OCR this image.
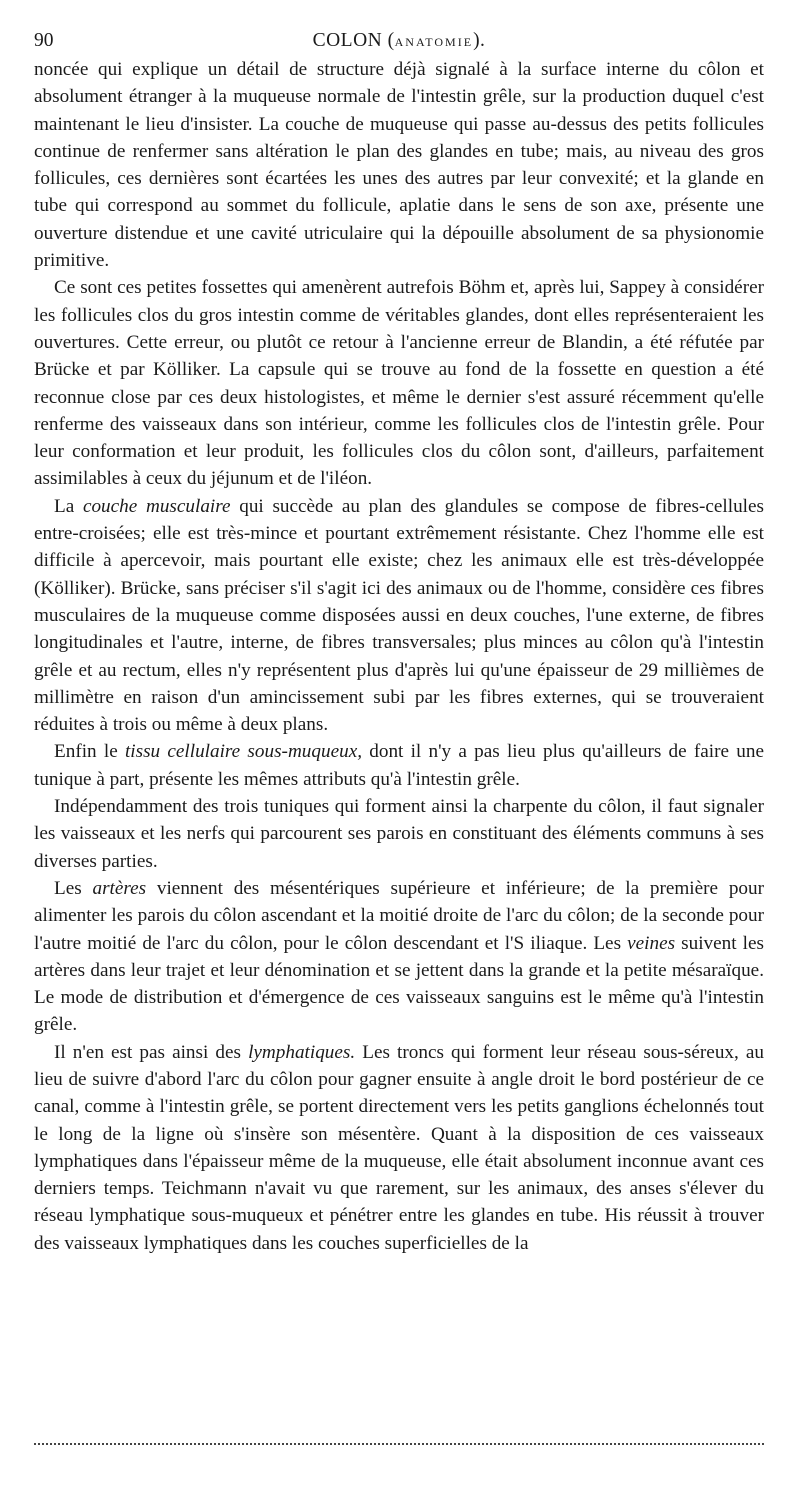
90	COLON (ANATOMIE).

noncée qui explique un détail de structure déjà signalé à la surface interne du côlon et absolument étranger à la muqueuse normale de l'intestin grêle, sur la production duquel c'est maintenant le lieu d'insister. La couche de muqueuse qui passe au-dessus des petits follicules continue de renfermer sans altération le plan des glandes en tube; mais, au niveau des gros follicules, ces dernières sont écartées les unes des autres par leur convexité; et la glande en tube qui correspond au sommet du follicule, aplatie dans le sens de son axe, présente une ouverture distendue et une cavité utriculaire qui la dépouille absolument de sa physionomie primitive.

Ce sont ces petites fossettes qui amenèrent autrefois Böhm et, après lui, Sappey à considérer les follicules clos du gros intestin comme de véritables glandes, dont elles représenteraient les ouvertures. Cette erreur, ou plutôt ce retour à l'ancienne erreur de Blandin, a été réfutée par Brücke et par Kölliker. La capsule qui se trouve au fond de la fossette en question a été reconnue close par ces deux histologistes, et même le dernier s'est assuré récemment qu'elle renferme des vaisseaux dans son intérieur, comme les follicules clos de l'intestin grêle. Pour leur conformation et leur produit, les follicules clos du côlon sont, d'ailleurs, parfaitement assimilables à ceux du jéjunum et de l'iléon.

La couche musculaire qui succède au plan des glandules se compose de fibres-cellules entre-croisées; elle est très-mince et pourtant extrêmement résistante. Chez l'homme elle est difficile à apercevoir, mais pourtant elle existe; chez les animaux elle est très-développée (Kölliker). Brücke, sans préciser s'il s'agit ici des animaux ou de l'homme, considère ces fibres musculaires de la muqueuse comme disposées aussi en deux couches, l'une externe, de fibres longitudinales et l'autre, interne, de fibres transversales; plus minces au côlon qu'à l'intestin grêle et au rectum, elles n'y représentent plus d'après lui qu'une épaisseur de 29 millièmes de millimètre en raison d'un amincissement subi par les fibres externes, qui se trouveraient réduites à trois ou même à deux plans.

Enfin le tissu cellulaire sous-muqueux, dont il n'y a pas lieu plus qu'ailleurs de faire une tunique à part, présente les mêmes attributs qu'à l'intestin grêle.

Indépendamment des trois tuniques qui forment ainsi la charpente du côlon, il faut signaler les vaisseaux et les nerfs qui parcourent ses parois en constituant des éléments communs à ses diverses parties.

Les artères viennent des mésentériques supérieure et inférieure; de la première pour alimenter les parois du côlon ascendant et la moitié droite de l'arc du côlon; de la seconde pour l'autre moitié de l'arc du côlon, pour le côlon descendant et l'S iliaque. Les veines suivent les artères dans leur trajet et leur dénomination et se jettent dans la grande et la petite mésaraïque. Le mode de distribution et d'émergence de ces vaisseaux sanguins est le même qu'à l'intestin grêle.

Il n'en est pas ainsi des lymphatiques. Les troncs qui forment leur réseau sous-séreux, au lieu de suivre d'abord l'arc du côlon pour gagner ensuite à angle droit le bord postérieur de ce canal, comme à l'intestin grêle, se portent directement vers les petits ganglions échelonnés tout le long de la ligne où s'insère son mésentère. Quant à la disposition de ces vaisseaux lymphatiques dans l'épaisseur même de la muqueuse, elle était absolument inconnue avant ces derniers temps. Teichmann n'avait vu que rarement, sur les animaux, des anses s'élever du réseau lymphatique sous-muqueux et pénétrer entre les glandes en tube. His réussit à trouver des vaisseaux lymphatiques dans les couches superficielles de la
